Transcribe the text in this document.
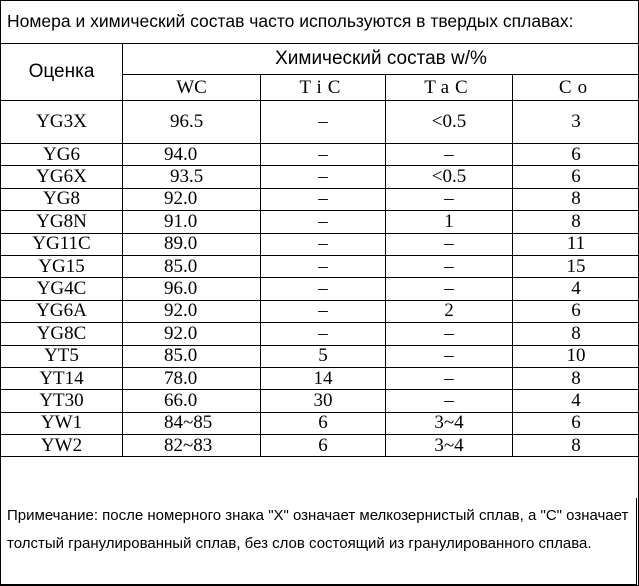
Номера и химический состав часто используются в твердых сплавах:
Оценка	Химический состав w/%			
	WC	TiC	TaC	Co
YG3X	96.5	–	<0.5	3
YG6	94.0	–	–	6
YG6X	93.5	–	<0.5	6
YG8	92.0	–	–	8
YG8N	91.0	–	1	8
YG11C	89.0	–	–	11
YG15	85.0	–	–	15
YG4C	96.0	–	–	4
YG6A	92.0	–	2	6
YG8C	92.0	–	–	8
YT5	85.0	5	–	10
YT14	78.0	14	–	8
YT30	66.0	30	–	4
YW1	84~85	6	3~4	6
YW2	82~83	6	3~4	8
Примечание: после номерного знака "X" означает мелкозернистый сплав, а "С" означает толстый гранулированный сплав, без слов состоящий из гранулированного сплава.
